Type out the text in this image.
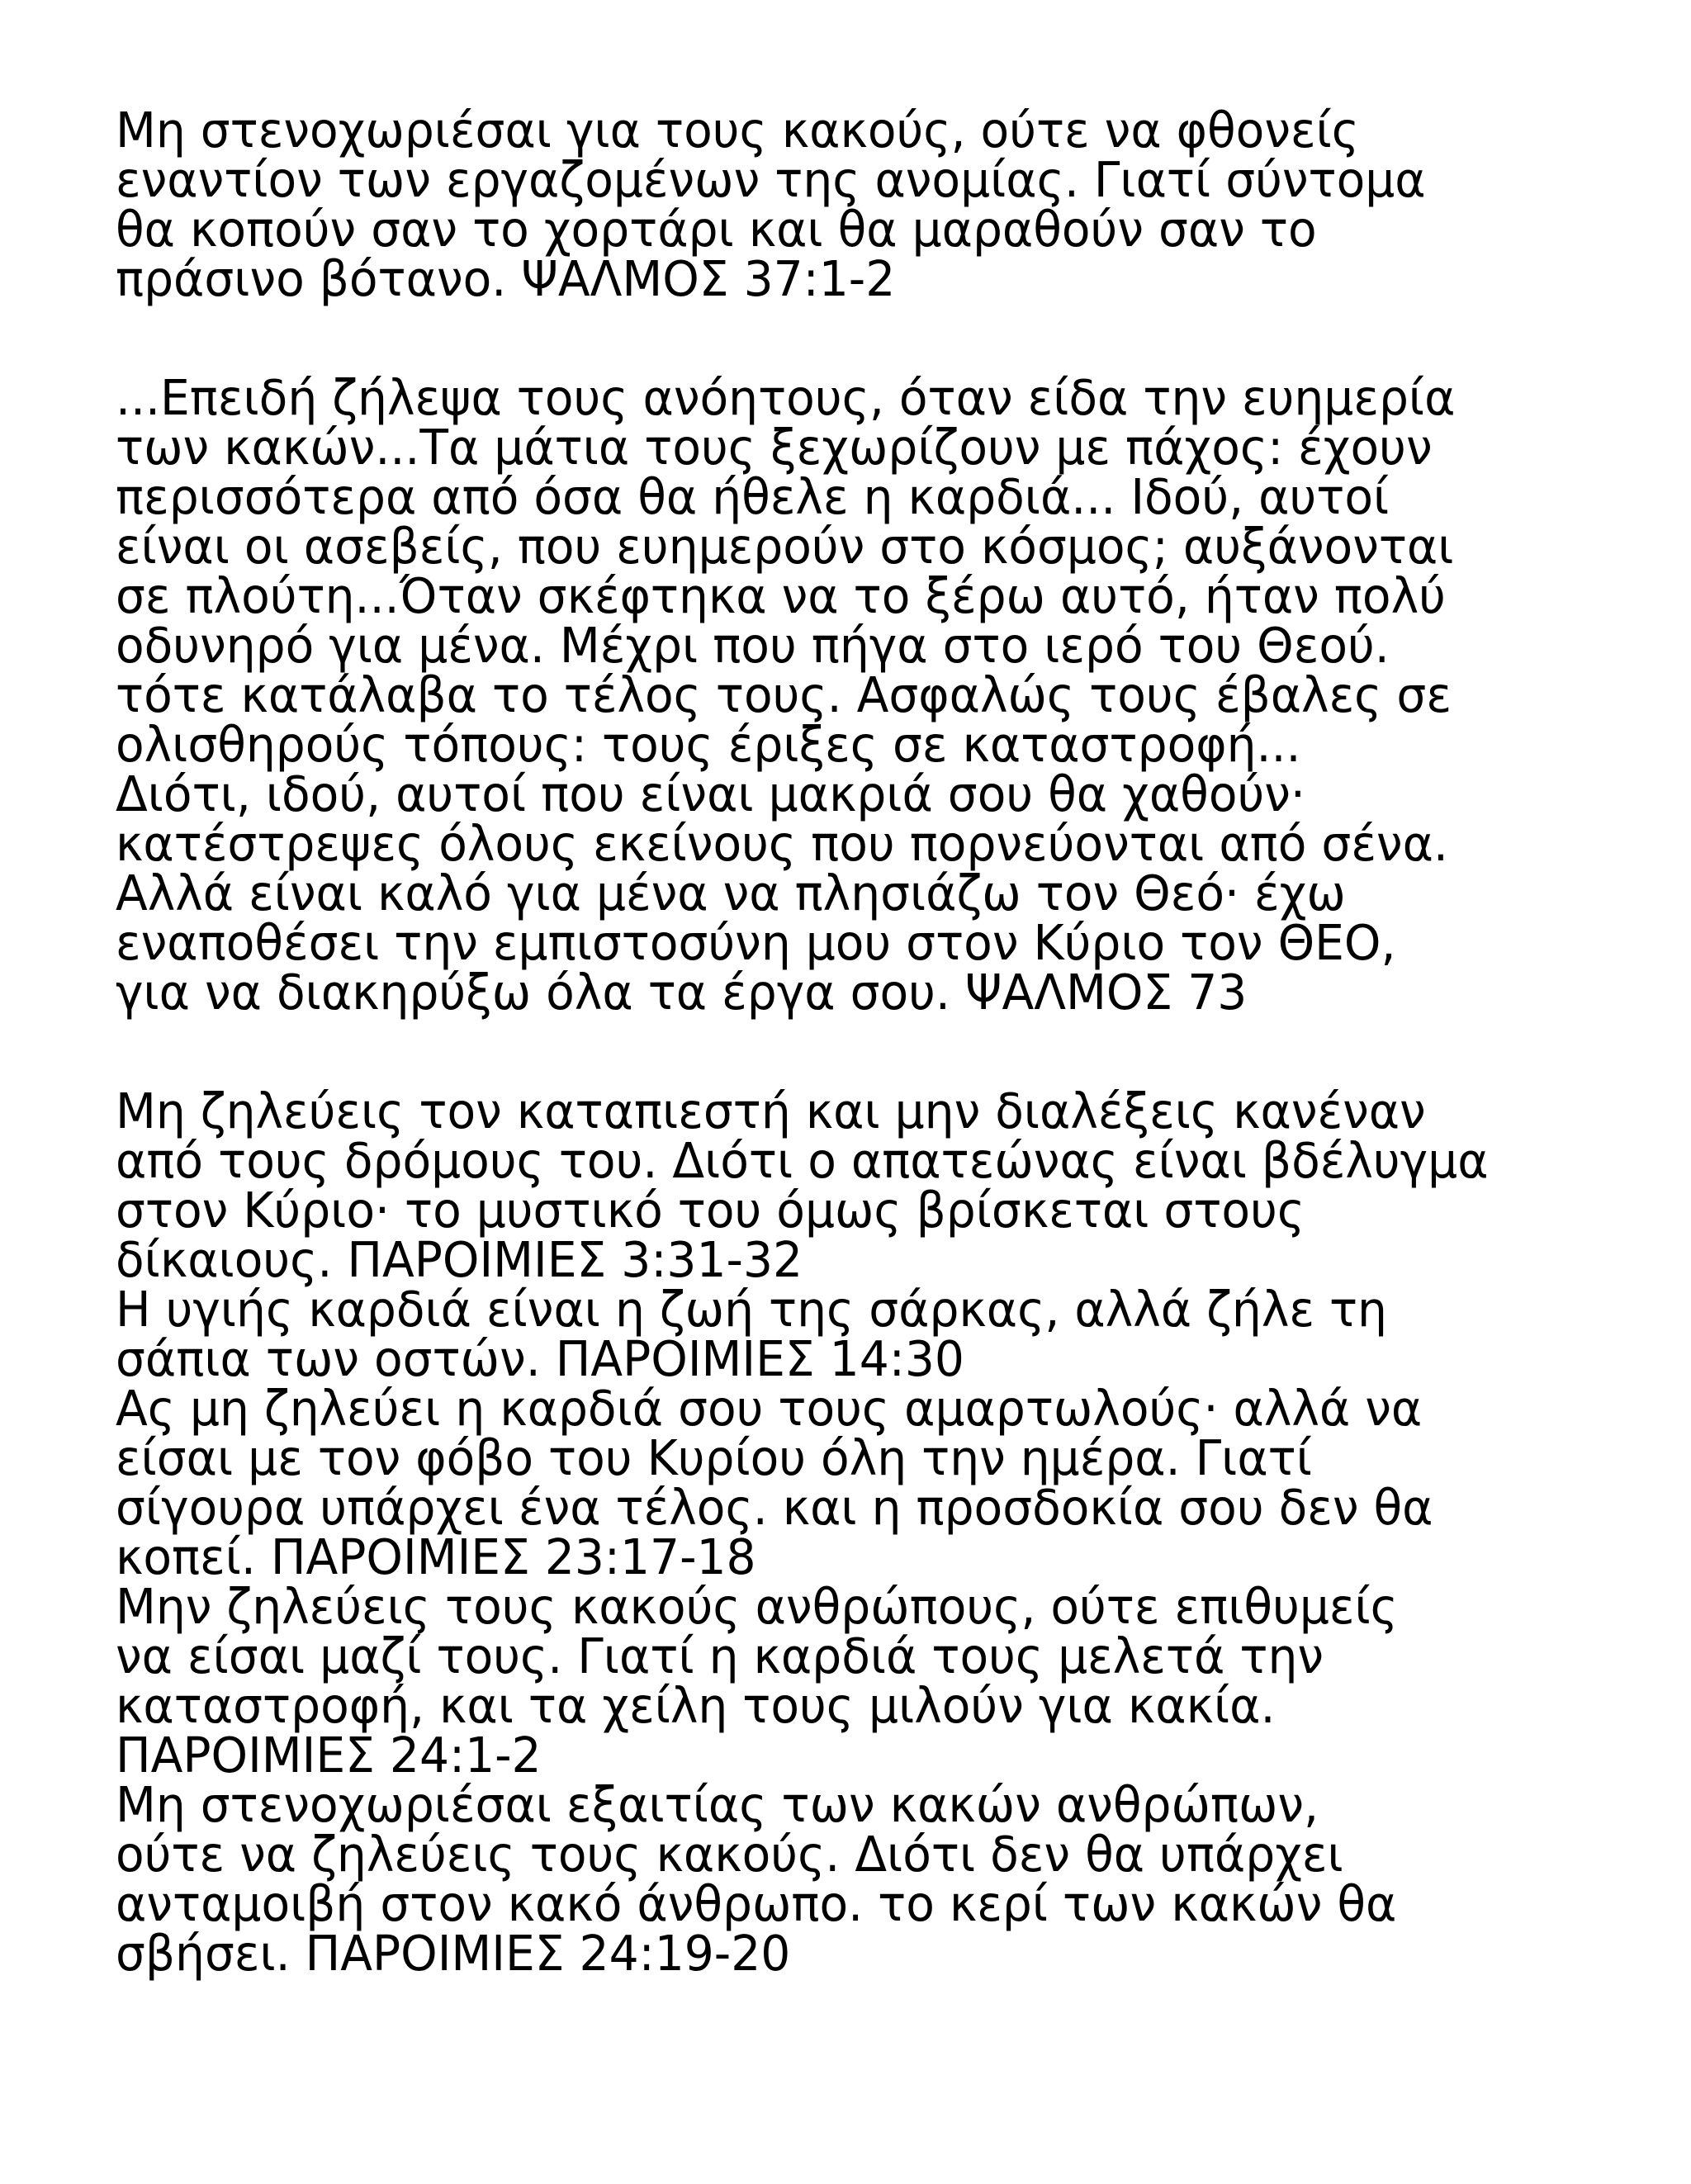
Μη στενοχωριέσαι για τους κακούς, ούτε να φθονείς
εναντίον των εργαζομένων της ανομίας. Γιατί σύντομα
θα κοπούν σαν το χορτάρι και θα μαραθούν σαν το
πράσινο βότανο. ΨΑΛΜΟΣ 37:1-2
...Επειδή ζήλεψα τους ανόητους, όταν είδα την ευημερία
των κακών...Τα μάτια τους ξεχωρίζουν με πάχος: έχουν
περισσότερα από όσα θα ήθελε η καρδιά... Ιδού, αυτοί
είναι οι ασεβείς, που ευημερούν στο κόσμος; αυξάνονται
σε πλούτη...Όταν σκέφτηκα να το ξέρω αυτό, ήταν πολύ
οδυνηρό για μένα. Μέχρι που πήγα στο ιερό του Θεού.
τότε κατάλαβα το τέλος τους. Ασφαλώς τους έβαλες σε
ολισθηρούς τόπους: τους έριξες σε καταστροφή...
Διότι, ιδού, αυτοί που είναι μακριά σου θα χαθούν·
κατέστρεψες όλους εκείνους που πορνεύονται από σένα.
Αλλά είναι καλό για μένα να πλησιάζω τον Θεό· έχω
εναποθέσει την εμπιστοσύνη μου στον Κύριο τον ΘΕΟ,
για να διακηρύξω όλα τα έργα σου. ΨΑΛΜΟΣ 73
Μη ζηλεύεις τον καταπιεστή και μην διαλέξεις κανέναν
από τους δρόμους του. Διότι ο απατεώνας είναι βδέλυγμα
στον Κύριο· το μυστικό του όμως βρίσκεται στους
δίκαιους. ΠΑΡΟΙΜΙΕΣ 3:31-32
Η υγιής καρδιά είναι η ζωή της σάρκας, αλλά ζήλε τη
σάπια των οστών. ΠΑΡΟΙΜΙΕΣ 14:30
Ας μη ζηλεύει η καρδιά σου τους αμαρτωλούς· αλλά να
είσαι με τον φόβο του Κυρίου όλη την ημέρα. Γιατί
σίγουρα υπάρχει ένα τέλος. και η προσδοκία σου δεν θα
κοπεί. ΠΑΡΟΙΜΙΕΣ 23:17-18
Μην ζηλεύεις τους κακούς ανθρώπους, ούτε επιθυμείς
να είσαι μαζί τους. Γιατί η καρδιά τους μελετά την
καταστροφή, και τα χείλη τους μιλούν για κακία.
ΠΑΡΟΙΜΙΕΣ 24:1-2
Μη στενοχωριέσαι εξαιτίας των κακών ανθρώπων,
ούτε να ζηλεύεις τους κακούς. Διότι δεν θα υπάρχει
ανταμοιβή στον κακό άνθρωπο. το κερί των κακών θα
σβήσει. ΠΑΡΟΙΜΙΕΣ 24:19-20
